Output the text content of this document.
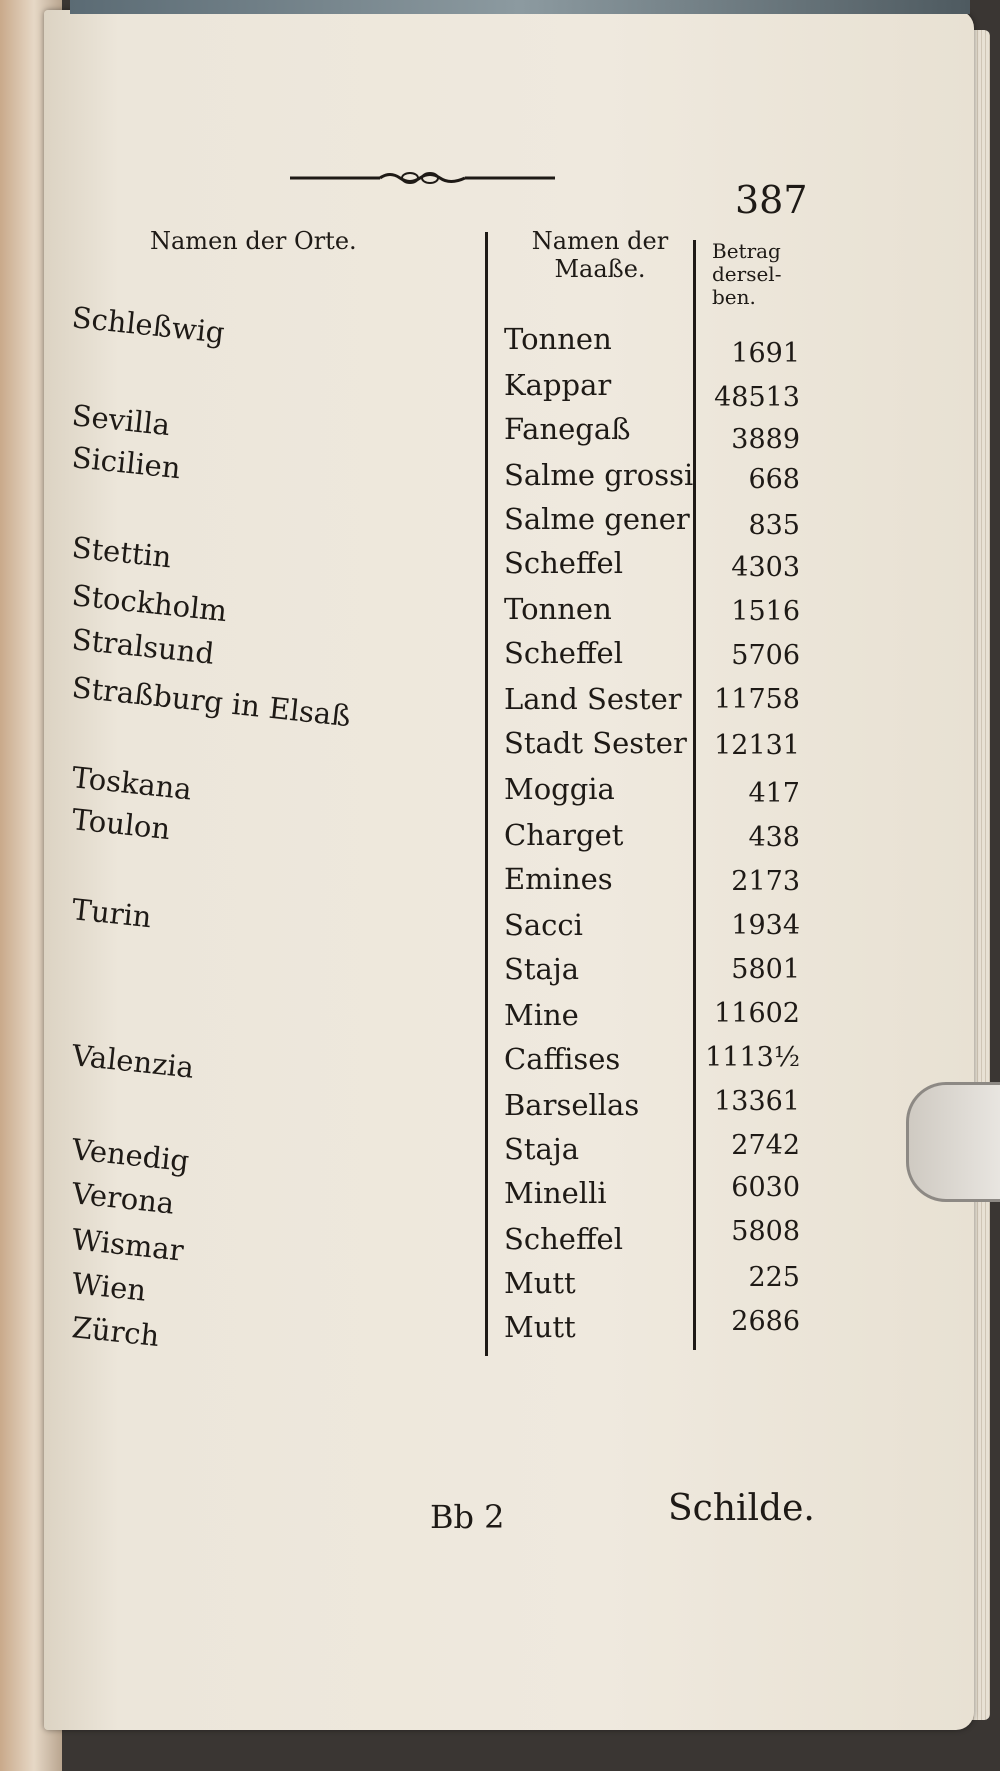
387
Namen der Orte.	Namen der
Maaße.
Betrag
dersel-
ben.
Schleßwig
Sevilla
Sicilien
Stettin
Stockholm
Stralsund
Straßburg in Elsaß
Toskana
Toulon
Turin
Valenzia
Venedig
Verona
Wismar
Wien
Zürch
Tonnen
Kappar
Fanegaß
Salme grossi
Salme gener
Scheffel
Tonnen
Scheffel
Land Sester
Stadt Sester
Moggia
Charget
Emines
Sacci
Staja
Mine
Caffises
Barsellas
Staja
Minelli
Scheffel
Mutt
Mutt
1691
48513
3889
668
835
4303
1516
5706
11758
12131
417
438
2173
1934
5801
11602
1113½
13361
2742
6030
5808
225
2686
Bb 2	Schilde.
